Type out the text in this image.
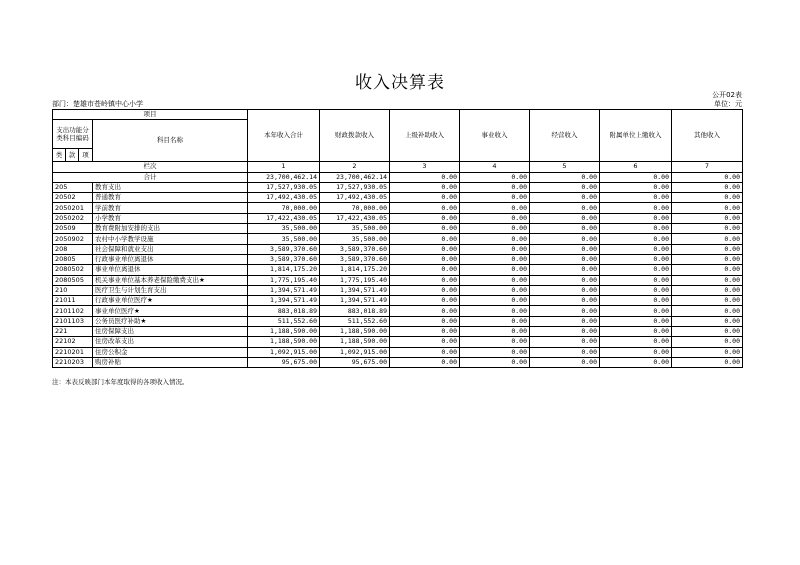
收入决算表
公开02表
部门：楚雄市苍岭镇中心小学	单位：元
项目				本年收入合计	财政拨款收入	上级补助收入	事业收入	经营收入	附属单位上缴收入	其他收入
支出功能分类科目编码			科目名称							

类	款	项								
栏次				1	2	3	4	5	6	7
合计				23,700,462.14	23,700,462.14	0.00	0.00	0.00	0.00	0.00
205			教育支出	17,527,930.05	17,527,930.05	0.00	0.00	0.00	0.00	0.00
20502			普通教育	17,492,430.05	17,492,430.05	0.00	0.00	0.00	0.00	0.00
2050201			学前教育	70,000.00	70,000.00	0.00	0.00	0.00	0.00	0.00
2050202			小学教育	17,422,430.05	17,422,430.05	0.00	0.00	0.00	0.00	0.00
20509			教育费附加安排的支出	35,500.00	35,500.00	0.00	0.00	0.00	0.00	0.00
2050902			农村中小学教学设施	35,500.00	35,500.00	0.00	0.00	0.00	0.00	0.00
208			社会保障和就业支出	3,589,370.60	3,589,370.60	0.00	0.00	0.00	0.00	0.00
20805			行政事业单位离退休	3,589,370.60	3,589,370.60	0.00	0.00	0.00	0.00	0.00
2080502			事业单位离退休	1,814,175.20	1,814,175.20	0.00	0.00	0.00	0.00	0.00
2080505			机关事业单位基本养老保险缴费支出★	1,775,195.40	1,775,195.40	0.00	0.00	0.00	0.00	0.00
210			医疗卫生与计划生育支出	1,394,571.49	1,394,571.49	0.00	0.00	0.00	0.00	0.00
21011			行政事业单位医疗★	1,394,571.49	1,394,571.49	0.00	0.00	0.00	0.00	0.00
2101102			事业单位医疗★	883,018.89	883,018.89	0.00	0.00	0.00	0.00	0.00
2101103			公务员医疗补助★	511,552.60	511,552.60	0.00	0.00	0.00	0.00	0.00
221			住房保障支出	1,188,590.00	1,188,590.00	0.00	0.00	0.00	0.00	0.00
22102			住房改革支出	1,188,590.00	1,188,590.00	0.00	0.00	0.00	0.00	0.00
2210201			住房公积金	1,092,915.00	1,092,915.00	0.00	0.00	0.00	0.00	0.00
2210203			购房补贴	95,675.00	95,675.00	0.00	0.00	0.00	0.00	0.00
注：本表反映部门本年度取得的各项收入情况。
